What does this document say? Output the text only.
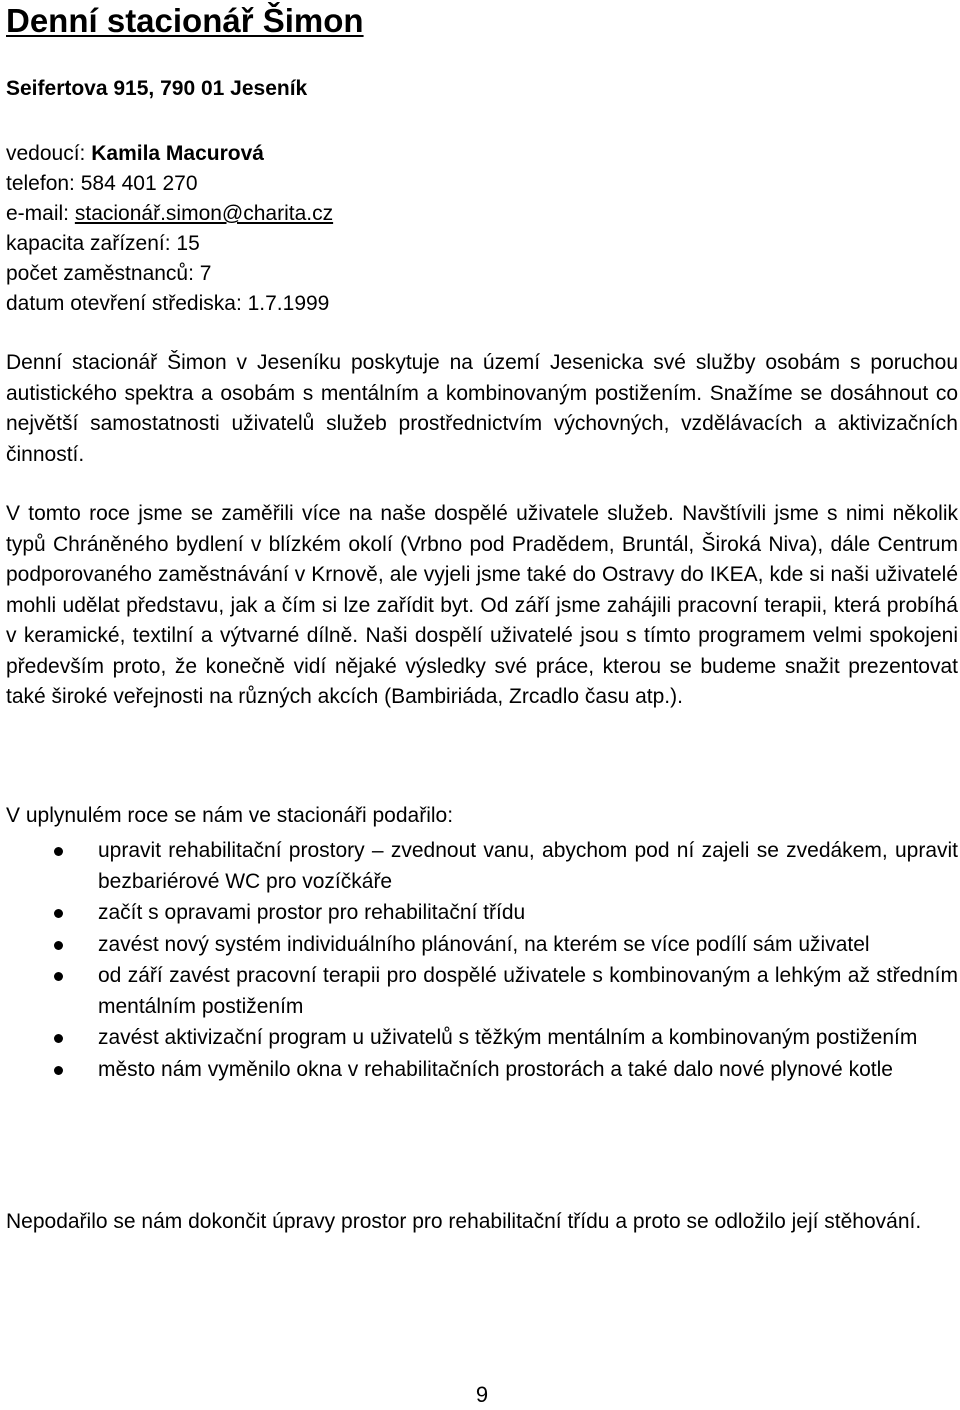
Denní stacionář Šimon
Seifertova 915, 790 01 Jeseník
vedoucí: Kamila Macurová
telefon: 584 401 270
e-mail: stacionář.simon@charita.cz
kapacita zařízení: 15
počet zaměstnanců: 7
datum otevření střediska: 1.7.1999
Denní stacionář Šimon v Jeseníku poskytuje na území Jesenicka své služby osobám s poruchou autistického spektra a osobám s mentálním a kombinovaným postižením. Snažíme se dosáhnout co největší samostatnosti uživatelů služeb prostřednictvím výchovných, vzdělávacích a aktivizačních činností.
V tomto roce jsme se zaměřili více na naše dospělé uživatele služeb. Navštívili jsme s nimi několik typů Chráněného bydlení v blízkém okolí (Vrbno pod Pradědem, Bruntál, Široká Niva), dále Centrum podporovaného zaměstnávání v Krnově, ale vyjeli jsme také do Ostravy do IKEA, kde si naši uživatelé mohli udělat představu, jak a čím si lze zařídit byt. Od září jsme zahájili pracovní terapii, která probíhá v keramické, textilní a výtvarné dílně. Naši dospělí uživatelé jsou s tímto programem velmi spokojeni především proto, že konečně vidí nějaké výsledky své práce, kterou se budeme snažit prezentovat také široké veřejnosti na různých akcích (Bambiriáda, Zrcadlo času atp.).
V uplynulém roce se nám ve stacionáři podařilo:
upravit rehabilitační prostory – zvednout vanu, abychom pod ní zajeli se zvedákem, upravit bezbariérové WC pro vozíčkáře
začít s opravami prostor pro rehabilitační třídu
zavést nový systém individuálního plánování, na kterém se více podílí sám uživatel
od září zavést pracovní terapii pro dospělé uživatele s kombinovaným a lehkým až středním mentálním postižením
zavést aktivizační program u uživatelů s těžkým mentálním a kombinovaným postižením
město nám vyměnilo okna v rehabilitačních prostorách a také dalo nové plynové kotle
Nepodařilo se nám dokončit úpravy prostor pro rehabilitační třídu a proto se odložilo její stěhování.
9
